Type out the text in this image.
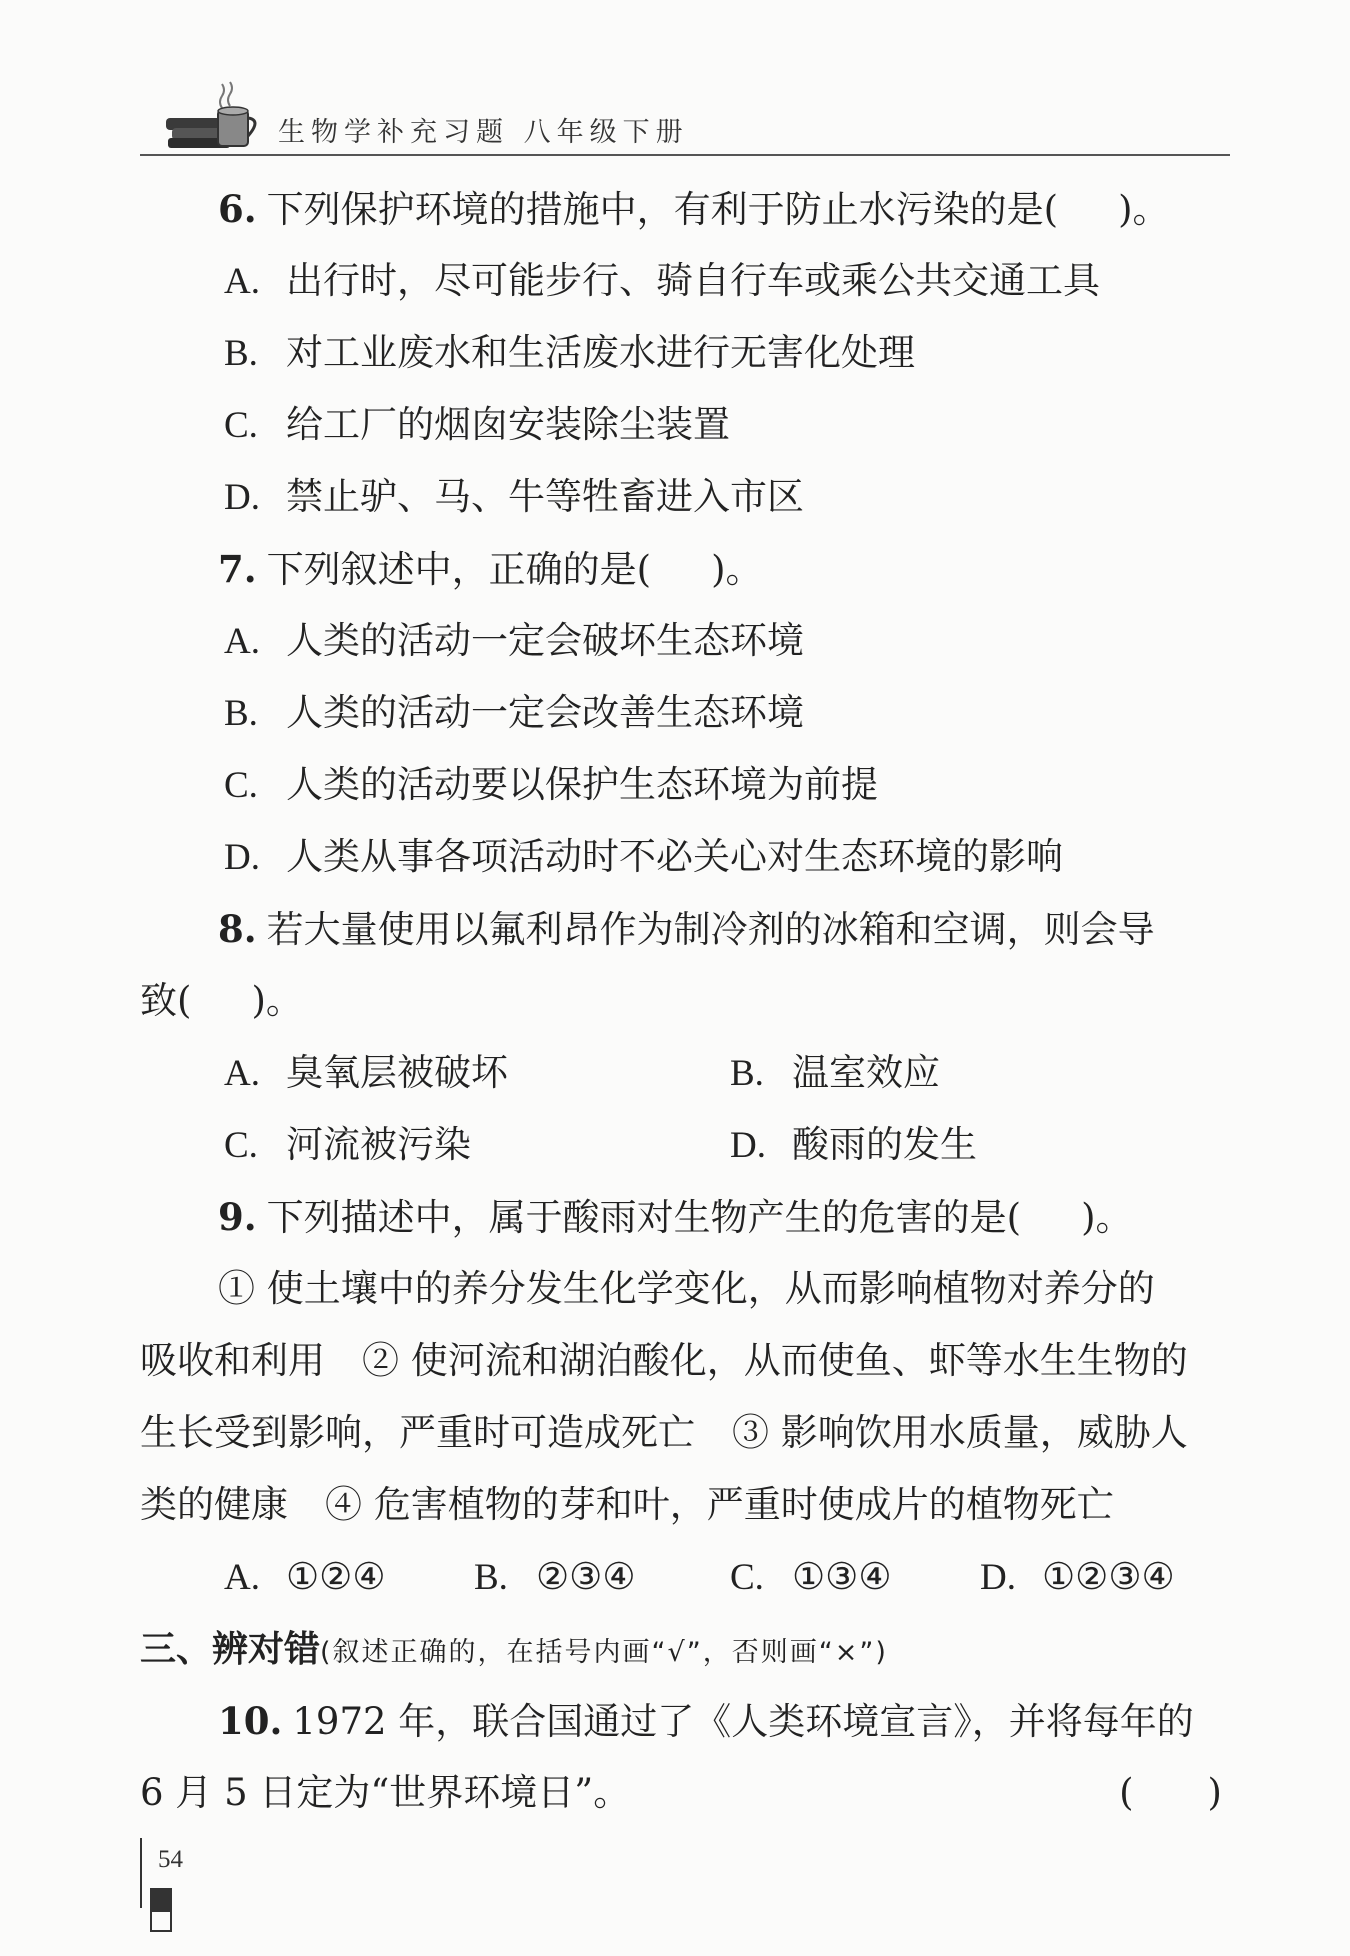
生物学补充习题 八年级下册
6. 下列保护环境的措施中，有利于防止水污染的是( )。
A. 出行时，尽可能步行、骑自行车或乘公共交通工具
B. 对工业废水和生活废水进行无害化处理
C. 给工厂的烟囱安装除尘装置
D. 禁止驴、马、牛等牲畜进入市区
7. 下列叙述中，正确的是( )。
A. 人类的活动一定会破坏生态环境
B. 人类的活动一定会改善生态环境
C. 人类的活动要以保护生态环境为前提
D. 人类从事各项活动时不必关心对生态环境的影响
8. 若大量使用以氟利昂作为制冷剂的冰箱和空调，则会导
致( )。
A. 臭氧层被破坏	B. 温室效应
C. 河流被污染	D. 酸雨的发生
9. 下列描述中，属于酸雨对生物产生的危害的是( )。
① 使土壤中的养分发生化学变化，从而影响植物对养分的
吸收和利用　② 使河流和湖泊酸化，从而使鱼、虾等水生生物的
生长受到影响，严重时可造成死亡　③ 影响饮用水质量，威胁人
类的健康　④ 危害植物的芽和叶，严重时使成片的植物死亡
A. ①②④ B. ②③④	C. ①③④ D. ①②③④
三、辨对错(叙述正确的，在括号内画“√”，否则画“×”)
10. 1972 年，联合国通过了《人类环境宣言》，并将每年的
6 月 5 日定为“世界环境日”。	(　　)
54
